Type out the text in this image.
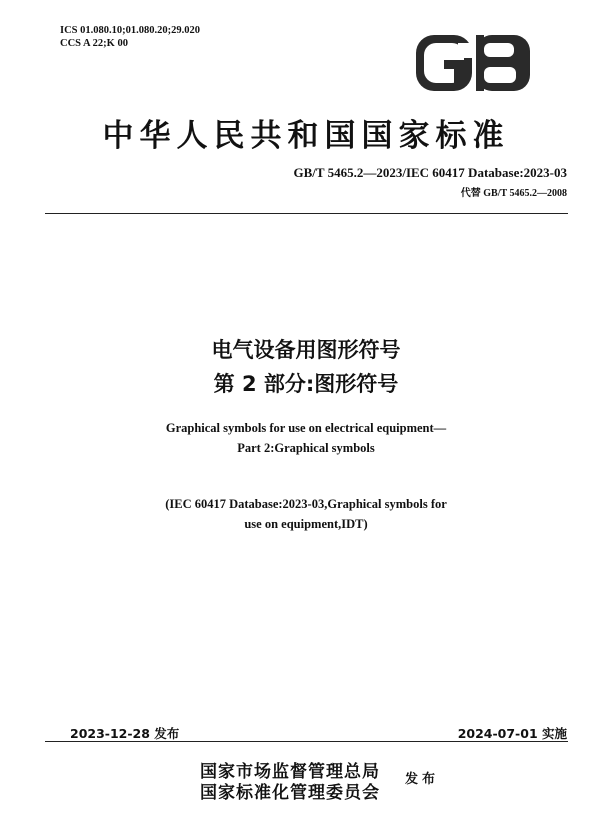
ICS 01.080.10;01.080.20;29.020
CCS A 22;K 00
GB
中华人民共和国国家标准
GB/T 5465.2—2023/IEC 60417 Database:2023-03
代替 GB/T 5465.2—2008
电气设备用图形符号
第 2 部分:图形符号
Graphical symbols for use on electrical equipment—
Part 2:Graphical symbols
(IEC 60417 Database:2023-03,Graphical symbols for
use on equipment,IDT)
2023-12-28 发布	2024-07-01 实施
国家市场监督管理总局
国家标准化管理委员会
发布
